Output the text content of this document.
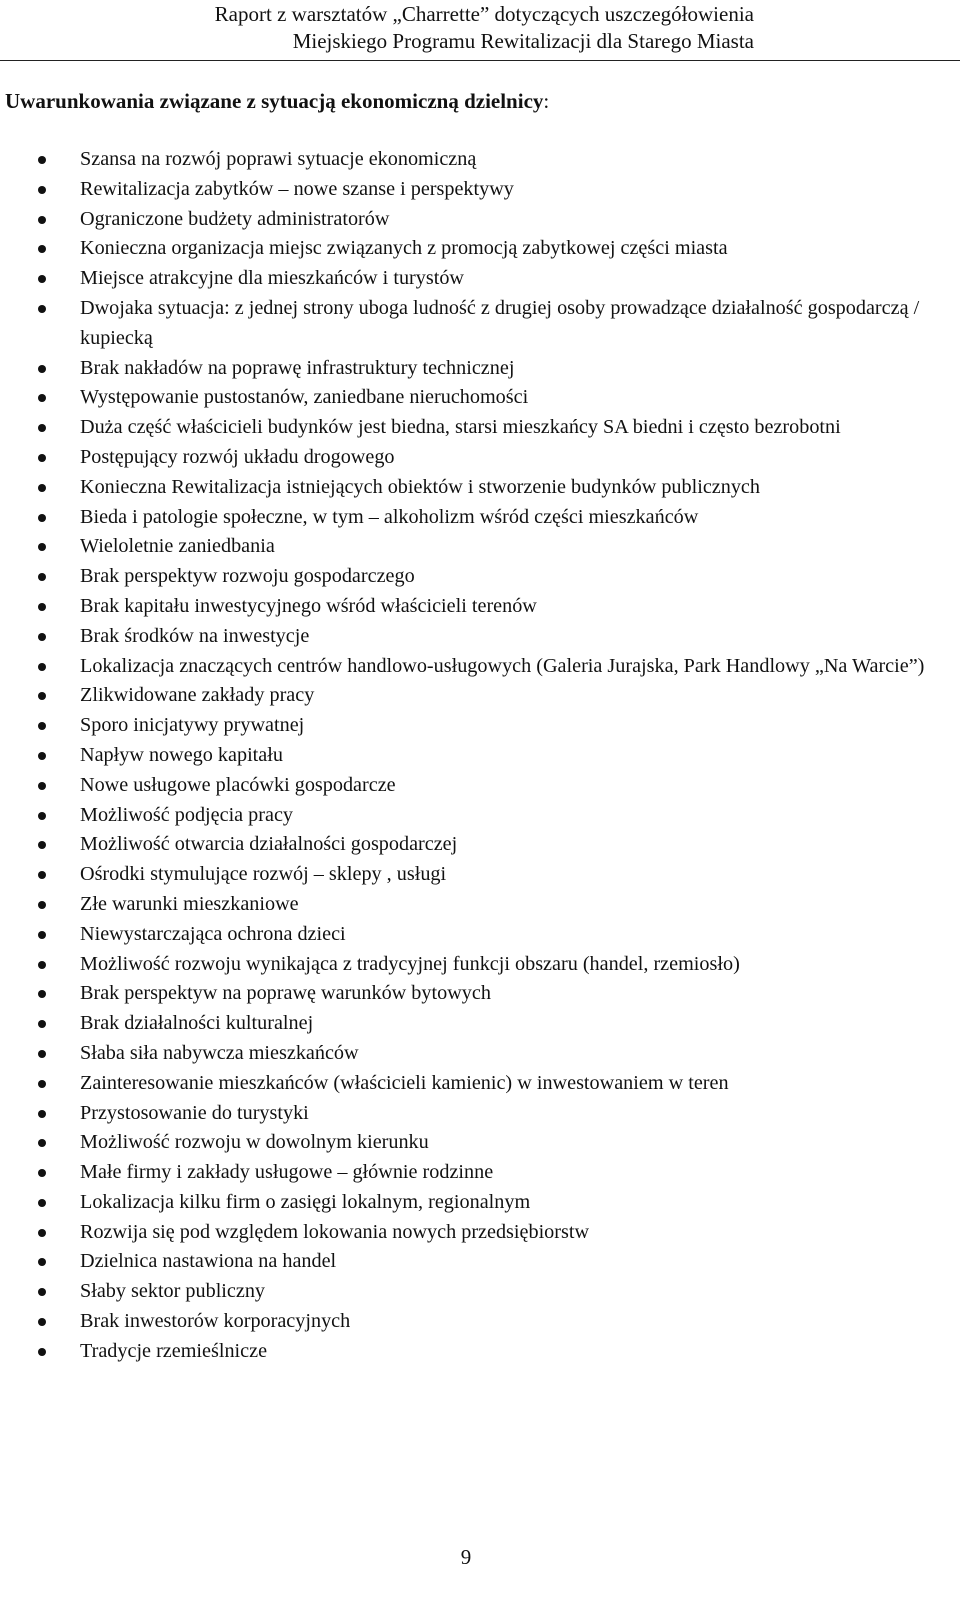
Raport z warsztatów „Charrette” dotyczących uszczegółowienia
Miejskiego Programu Rewitalizacji dla Starego Miasta
Uwarunkowania związane z sytuacją ekonomiczną dzielnicy:
Szansa na rozwój poprawi sytuacje ekonomiczną
Rewitalizacja zabytków – nowe szanse i perspektywy
Ograniczone budżety administratorów
Konieczna organizacja miejsc związanych z promocją zabytkowej części miasta
Miejsce atrakcyjne dla mieszkańców i turystów
Dwojaka sytuacja: z jednej strony uboga ludność z drugiej osoby prowadzące działalność gospodarczą / kupiecką
Brak nakładów na poprawę infrastruktury technicznej
Występowanie pustostanów, zaniedbane nieruchomości
Duża część właścicieli budynków jest biedna, starsi mieszkańcy SA biedni i często bezrobotni
Postępujący rozwój układu drogowego
Konieczna Rewitalizacja istniejących obiektów i stworzenie budynków publicznych
Bieda i patologie społeczne, w tym – alkoholizm wśród części mieszkańców
Wieloletnie zaniedbania
Brak perspektyw rozwoju gospodarczego
Brak kapitału inwestycyjnego wśród właścicieli terenów
Brak środków na inwestycje
Lokalizacja znaczących centrów handlowo-usługowych (Galeria Jurajska, Park Handlowy „Na Warcie”)
Zlikwidowane zakłady pracy
Sporo inicjatywy prywatnej
Napływ nowego kapitału
Nowe usługowe placówki gospodarcze
Możliwość podjęcia pracy
Możliwość otwarcia działalności gospodarczej
Ośrodki stymulujące rozwój – sklepy , usługi
Złe warunki mieszkaniowe
Niewystarczająca ochrona dzieci
Możliwość rozwoju wynikająca z tradycyjnej funkcji obszaru (handel, rzemiosło)
Brak perspektyw na poprawę warunków bytowych
Brak działalności kulturalnej
Słaba siła nabywcza mieszkańców
Zainteresowanie mieszkańców (właścicieli kamienic) w inwestowaniem w teren
Przystosowanie do turystyki
Możliwość rozwoju w dowolnym kierunku
Małe firmy i zakłady usługowe – głównie rodzinne
Lokalizacja kilku firm o zasięgi lokalnym, regionalnym
Rozwija się pod względem lokowania nowych przedsiębiorstw
Dzielnica nastawiona na handel
Słaby sektor publiczny
Brak inwestorów korporacyjnych
Tradycje rzemieślnicze
9
